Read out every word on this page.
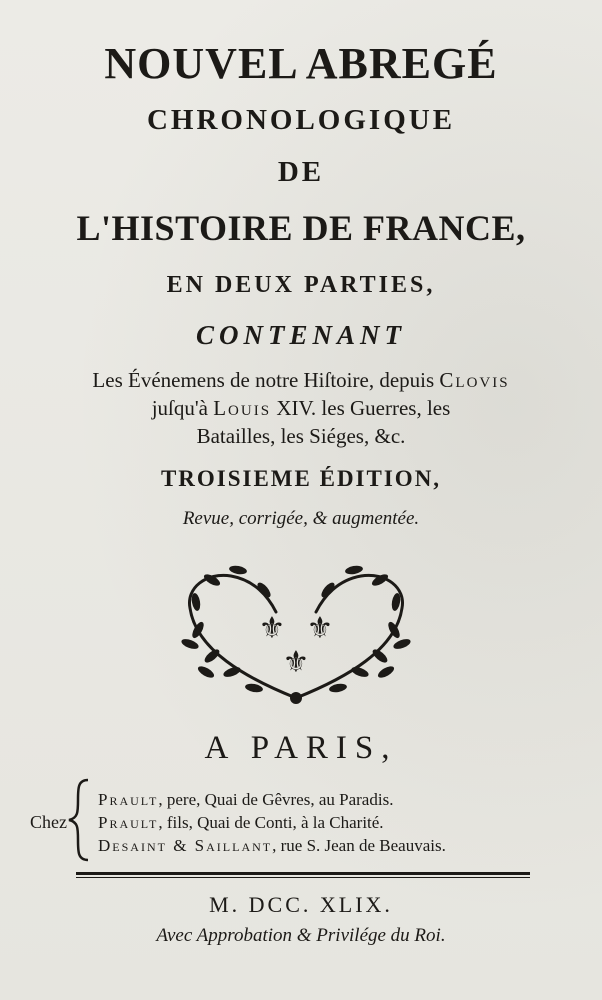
NOUVEL ABREGÉ
CHRONOLOGIQUE
DE
L'HISTOIRE DE FRANCE,
EN DEUX PARTIES,
CONTENANT
Les Événemens de notre Hiſtoire, depuis Clovis
juſqu'à Louis XIV. les Guerres, les
Batailles, les Siéges, &c.
TROISIEME ÉDITION,
Revue, corrigée, & augmentée.
⚜ ⚜
⚜
A PARIS,
Chez
Prault, pere, Quai de Gêvres, au Paradis.
Prault, fils, Quai de Conti, à la Charité.
Desaint & Saillant, rue S. Jean de Beauvais.
M. DCC. XLIX.
Avec Approbation & Privilége du Roi.
